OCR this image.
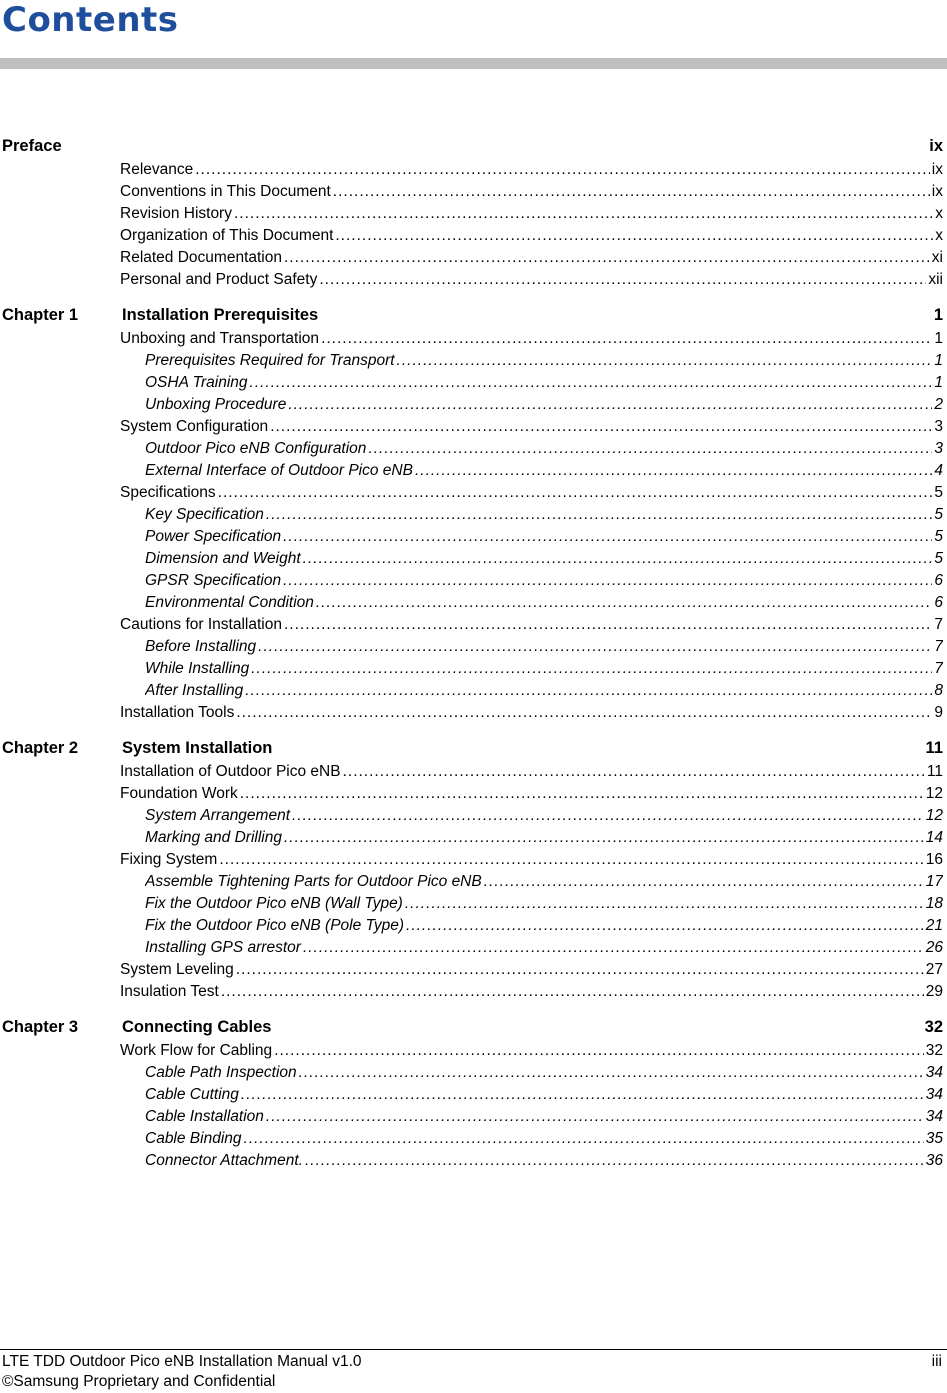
Contents
Preface	ix
Relevance .....	ix
Conventions in This Document .....	ix
Revision History .....	x
Organization of This Document .....	x
Related Documentation .....	xi
Personal and Product Safety .....	xii
Chapter 1	Installation Prerequisites	1
Unboxing and Transportation .....	1
Prerequisites Required for Transport .....	1
OSHA Training .....	1
Unboxing Procedure .....	2
System Configuration .....	3
Outdoor Pico eNB Configuration .....	3
External Interface of Outdoor Pico eNB .....	4
Specifications .....	5
Key Specification .....	5
Power Specification .....	5
Dimension and Weight .....	5
GPSR Specification .....	6
Environmental Condition .....	6
Cautions for Installation .....	7
Before Installing .....	7
While Installing .....	7
After Installing .....	8
Installation Tools .....	9
Chapter 2	System Installation	11
Installation of Outdoor Pico eNB .....	11
Foundation Work .....	12
System Arrangement .....	12
Marking and Drilling .....	14
Fixing System .....	16
Assemble Tightening Parts for Outdoor Pico eNB .....	17
Fix the Outdoor Pico eNB (Wall Type) .....	18
Fix the Outdoor Pico eNB (Pole Type) .....	21
Installing GPS arrestor .....	26
System Leveling .....	27
Insulation Test .....	29
Chapter 3	Connecting Cables	32
Work Flow for Cabling .....	32
Cable Path Inspection .....	34
Cable Cutting .....	34
Cable Installation .....	34
Cable Binding .....	35
Connector Attachment. .....	36
LTE TDD Outdoor Pico eNB Installation Manual v1.0	iii
©Samsung Proprietary and Confidential
